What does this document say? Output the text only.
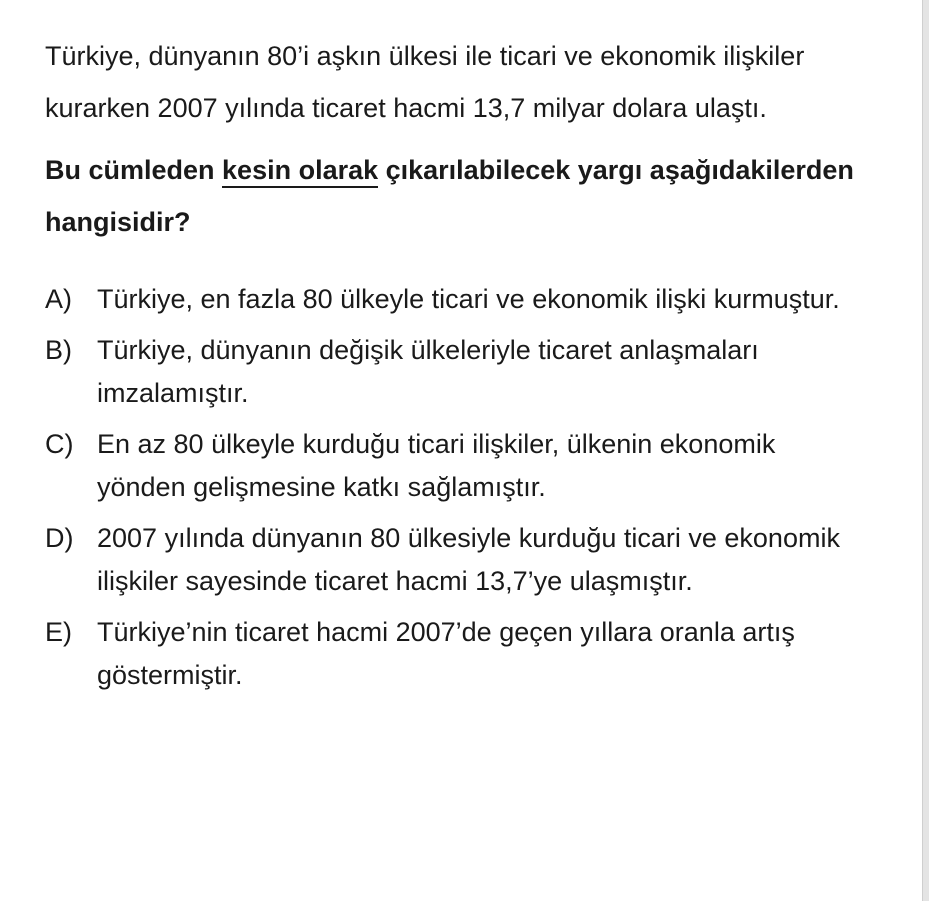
Türkiye, dünyanın 80’i aşkın ülkesi ile ticari ve ekonomik ilişkiler kurarken 2007 yılında ticaret hacmi 13,7 milyar dolara ulaştı.

Bu cümleden kesin olarak çıkarılabilecek yargı aşağıdakilerden hangisidir?

A) Türkiye, en fazla 80 ülkeyle ticari ve ekonomik ilişki kurmuştur.
B) Türkiye, dünyanın değişik ülkeleriyle ticaret anlaşmaları imzalamıştır.
C) En az 80 ülkeyle kurduğu ticari ilişkiler, ülkenin ekonomik yönden gelişmesine katkı sağlamıştır.
D) 2007 yılında dünyanın 80 ülkesiyle kurduğu ticari ve ekonomik ilişkiler sayesinde ticaret hacmi 13,7’ye ulaşmıştır.
E) Türkiye’nin ticaret hacmi 2007’de geçen yıllara oranla artış göstermiştir.
